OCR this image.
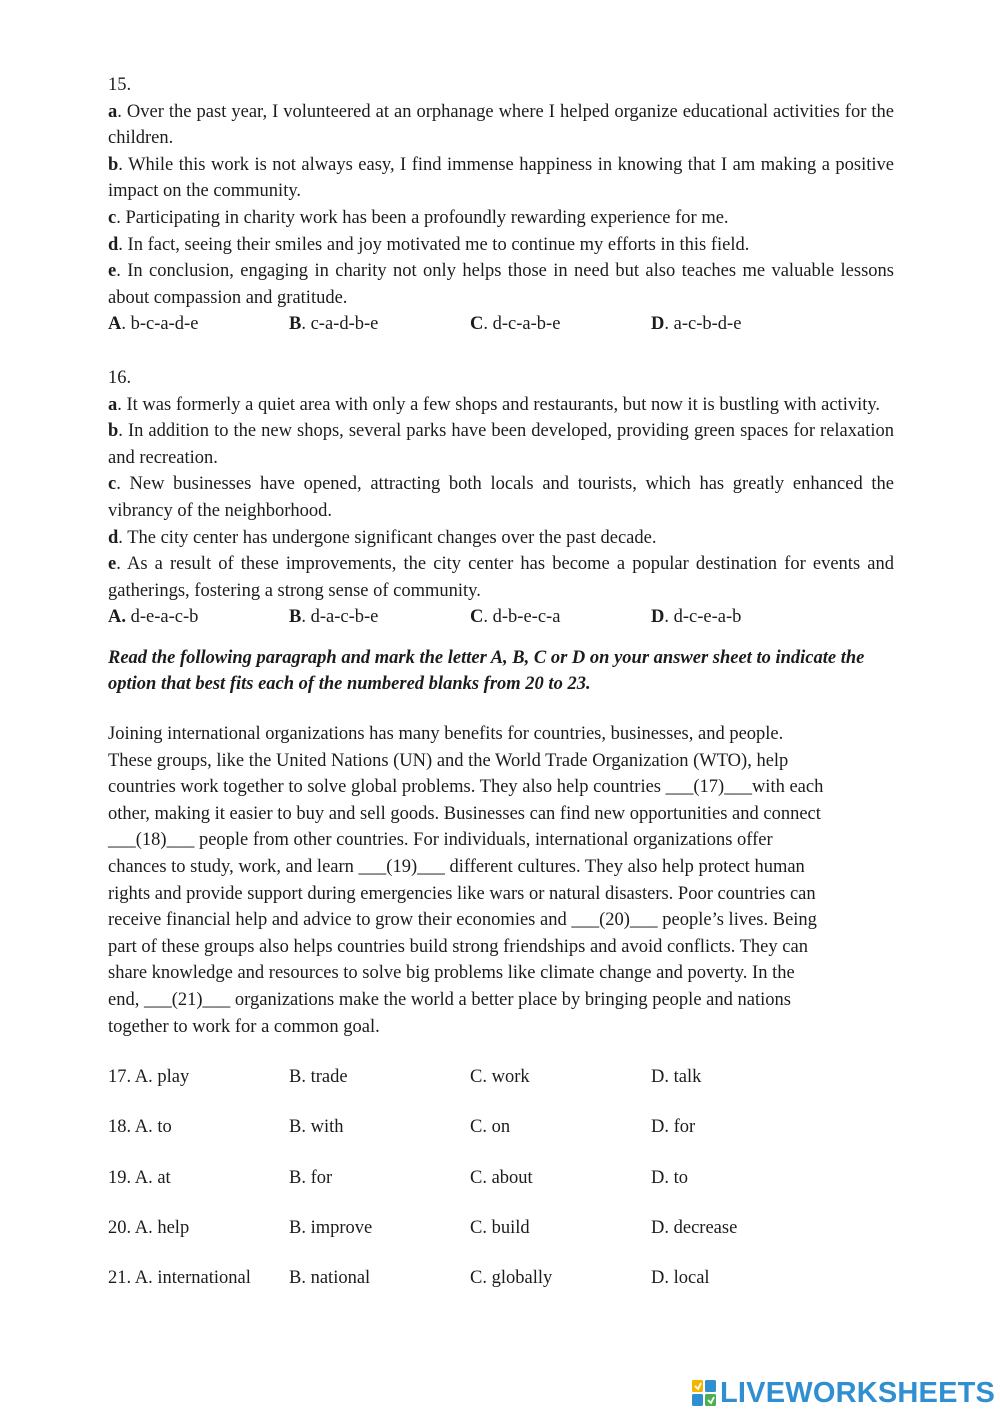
15.

a. Over the past year, I volunteered at an orphanage where I helped organize educational activities for the children.

b. While this work is not always easy, I find immense happiness in knowing that I am making a positive impact on the community.

c. Participating in charity work has been a profoundly rewarding experience for me.

d. In fact, seeing their smiles and joy motivated me to continue my efforts in this field.

e. In conclusion, engaging in charity not only helps those in need but also teaches me valuable lessons about compassion and gratitude.

A. b-c-a-d-e	B. c-a-d-b-e	C. d-c-a-b-e	D. a-c-b-d-e

16.

a. It was formerly a quiet area with only a few shops and restaurants, but now it is bustling with activity.

b. In addition to the new shops, several parks have been developed, providing green spaces for relaxation and recreation.

c. New businesses have opened, attracting both locals and tourists, which has greatly enhanced the vibrancy of the neighborhood.

d. The city center has undergone significant changes over the past decade.

e. As a result of these improvements, the city center has become a popular destination for events and gatherings, fostering a strong sense of community.

A. d-e-a-c-b	B. d-a-c-b-e	C. d-b-e-c-a	D. d-c-e-a-b

Read the following paragraph and mark the letter A, B, C or D on your answer sheet to indicate the option that best fits each of the numbered blanks from 20 to 23.

Joining international organizations has many benefits for countries, businesses, and people.

These groups, like the United Nations (UN) and the World Trade Organization (WTO), help

countries work together to solve global problems. They also help countries ___(17)___with each

other, making it easier to buy and sell goods. Businesses can find new opportunities and connect

___(18)___ people from other countries. For individuals, international organizations offer

chances to study, work, and learn ___(19)___ different cultures. They also help protect human

rights and provide support during emergencies like wars or natural disasters. Poor countries can

receive financial help and advice to grow their economies and ___(20)___ people’s lives. Being

part of these groups also helps countries build strong friendships and avoid conflicts. They can

share knowledge and resources to solve big problems like climate change and poverty. In the

end, ___(21)___ organizations make the world a better place by bringing people and nations

together to work for a common goal.

17. A. play	B. trade	C. work	D. talk
18. A. to	B. with	C. on	D. for
19. A. at	B. for	C. about	D. to
20. A. help	B. improve	C. build	D. decrease
21. A. international	B. national	C. globally	D. local
LIVEWORKSHEETS
